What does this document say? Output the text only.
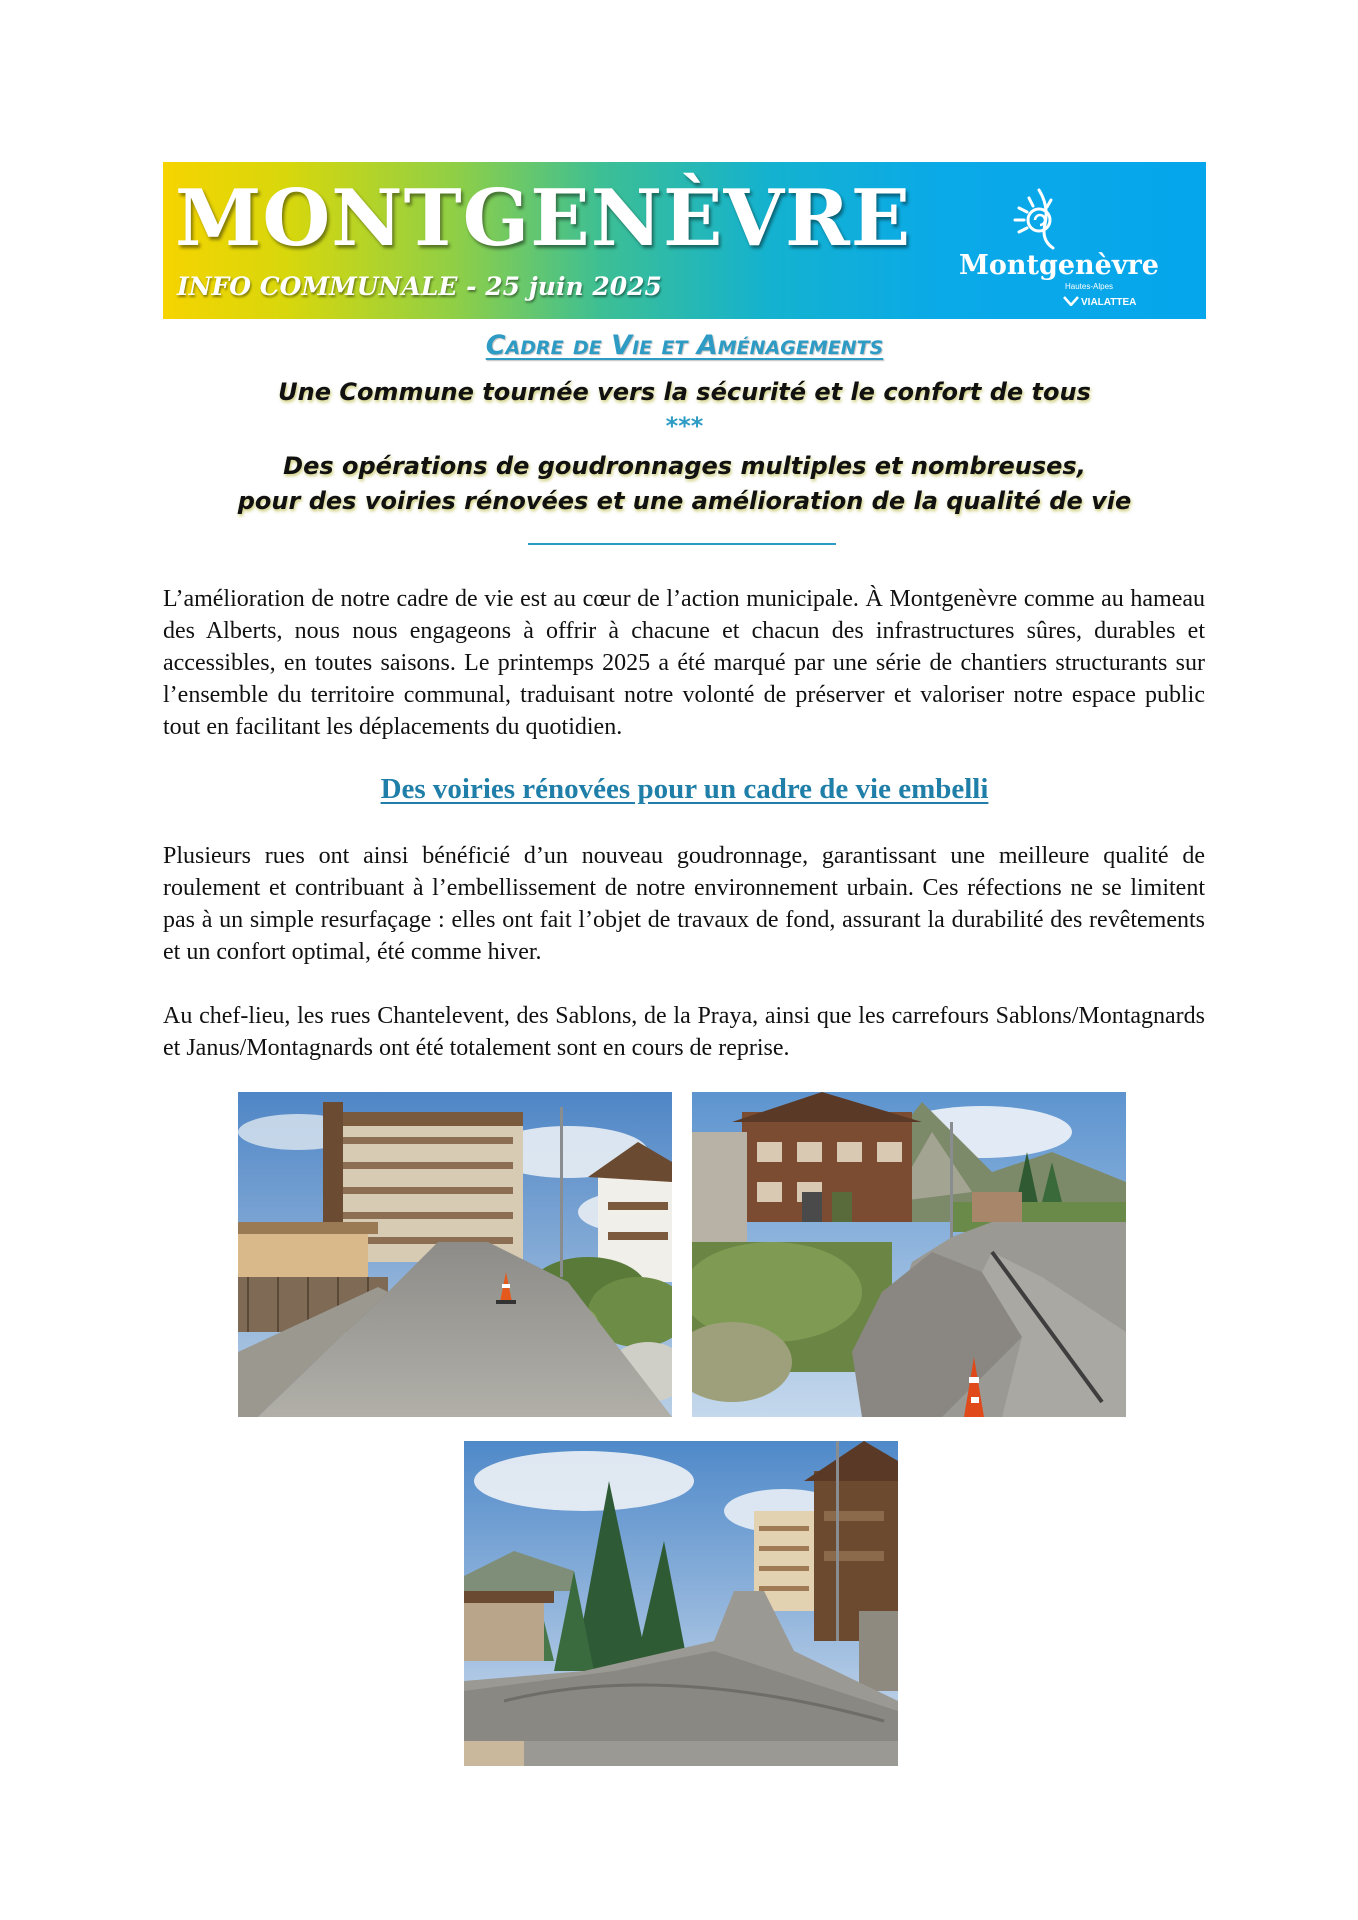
MONTGENÈVRE
INFO COMMUNALE - 25 juin 2025
Montgenèvre
Hautes-Alpes
VIALATTEA
Cadre de Vie et Aménagements
Une Commune tournée vers la sécurité et le confort de tous
***
Des opérations de goudronnages multiples et nombreuses,
pour des voiries rénovées et une amélioration de la qualité de vie
L’amélioration de notre cadre de vie est au cœur de l’action municipale. À Montgenèvre comme au hameau des Alberts, nous nous engageons à offrir à chacune et chacun des infrastructures sûres, durables et accessibles, en toutes saisons. Le printemps 2025 a été marqué par une série de chantiers structurants sur l’ensemble du territoire communal, traduisant notre volonté de préserver et valoriser notre espace public tout en facilitant les déplacements du quotidien.
Des voiries rénovées pour un cadre de vie embelli
Plusieurs rues ont ainsi bénéficié d’un nouveau goudronnage, garantissant une meilleure qualité de roulement et contribuant à l’embellissement de notre environnement urbain. Ces réfections ne se limitent pas à un simple resurfaçage : elles ont fait l’objet de travaux de fond, assurant la durabilité des revêtements et un confort optimal, été comme hiver.
Au chef-lieu, les rues Chantelevent, des Sablons, de la Praya, ainsi que les carrefours Sablons/Montagnards et Janus/Montagnards ont été totalement sont en cours de reprise.
